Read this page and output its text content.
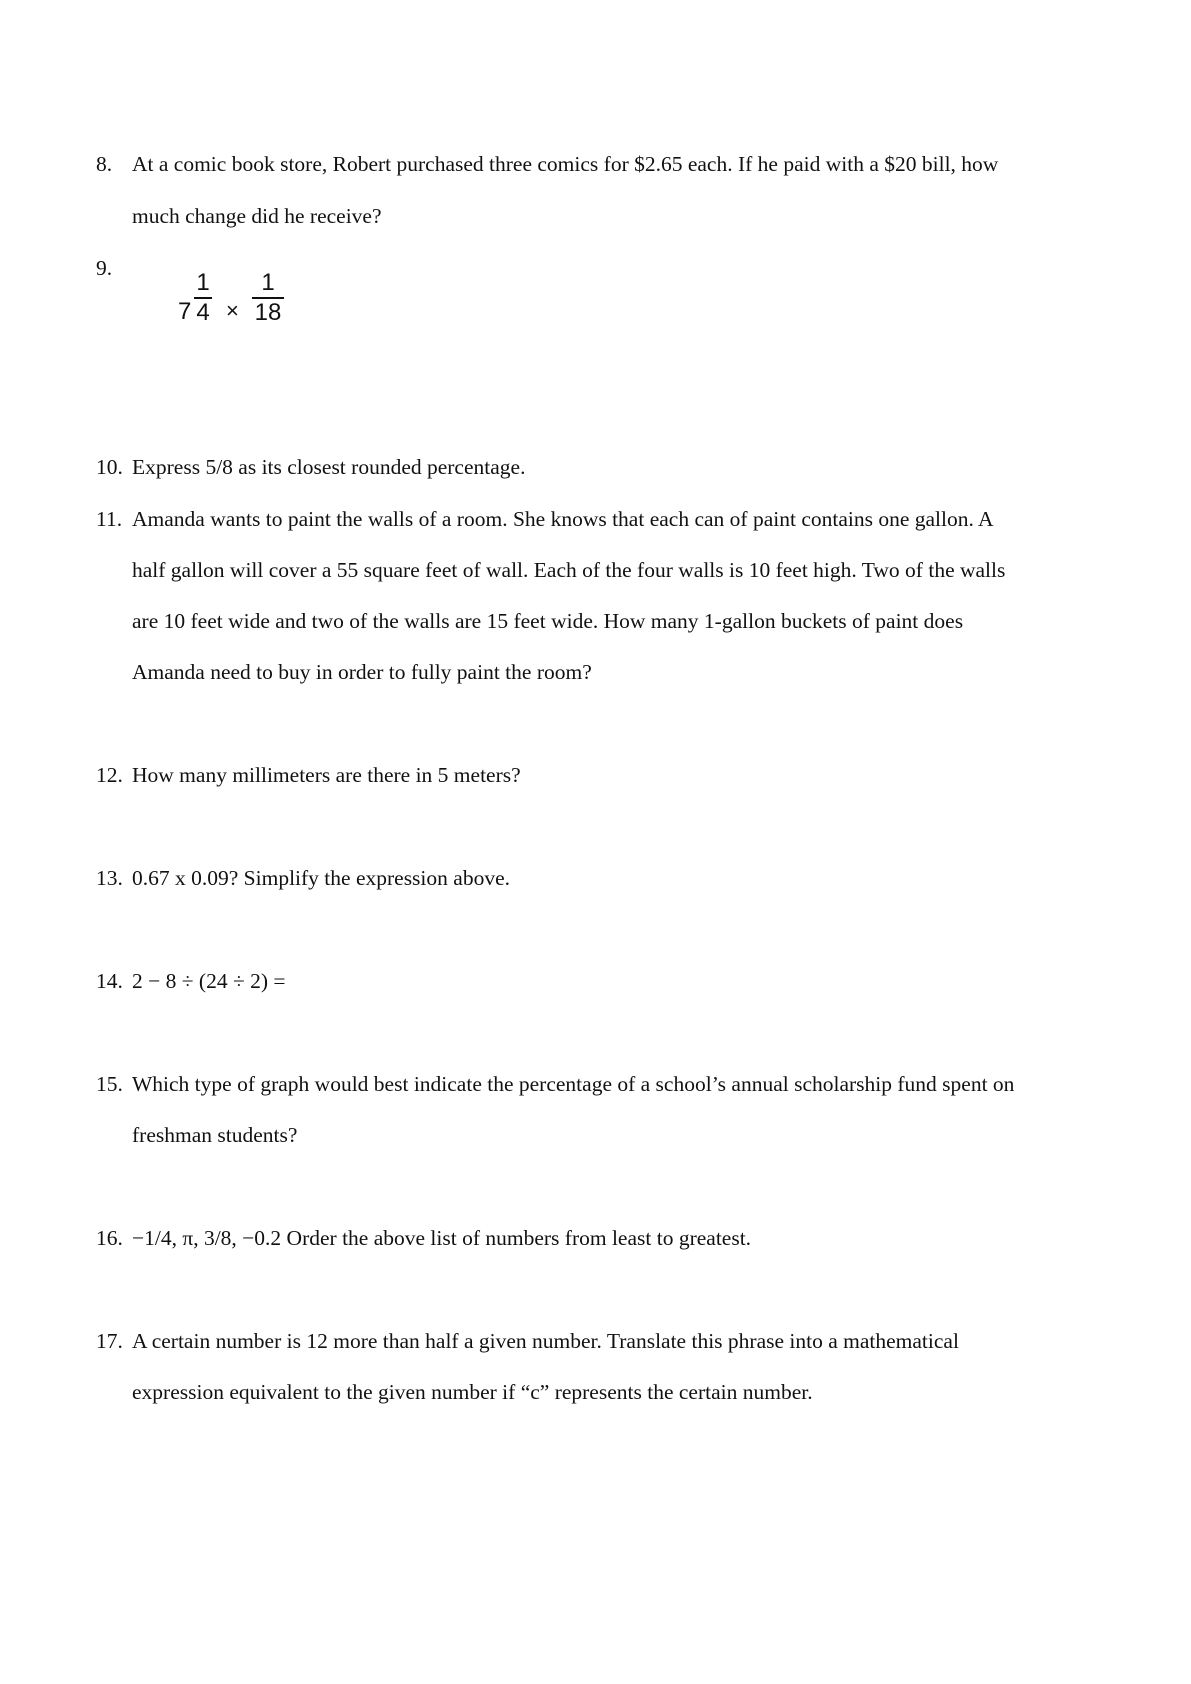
8. At a comic book store, Robert purchased three comics for $2.65 each. If he paid with a $20 bill, how
much change did he receive?
9.
7
1
4 ×
1
18
10. Express 5/8 as its closest rounded percentage.
11. Amanda wants to paint the walls of a room. She knows that each can of paint contains one gallon. A
half gallon will cover a 55 square feet of wall. Each of the four walls is 10 feet high. Two of the walls
are 10 feet wide and two of the walls are 15 feet wide. How many 1-gallon buckets of paint does
Amanda need to buy in order to fully paint the room?
12. How many millimeters are there in 5 meters?
13. 0.67 x 0.09? Simplify the expression above.
14. 2 − 8 ÷ (24 ÷ 2) =
15. Which type of graph would best indicate the percentage of a school’s annual scholarship fund spent on
freshman students?
16. −1/4, π, 3/8, −0.2 Order the above list of numbers from least to greatest.
17. A certain number is 12 more than half a given number. Translate this phrase into a mathematical
expression equivalent to the given number if “c” represents the certain number.
